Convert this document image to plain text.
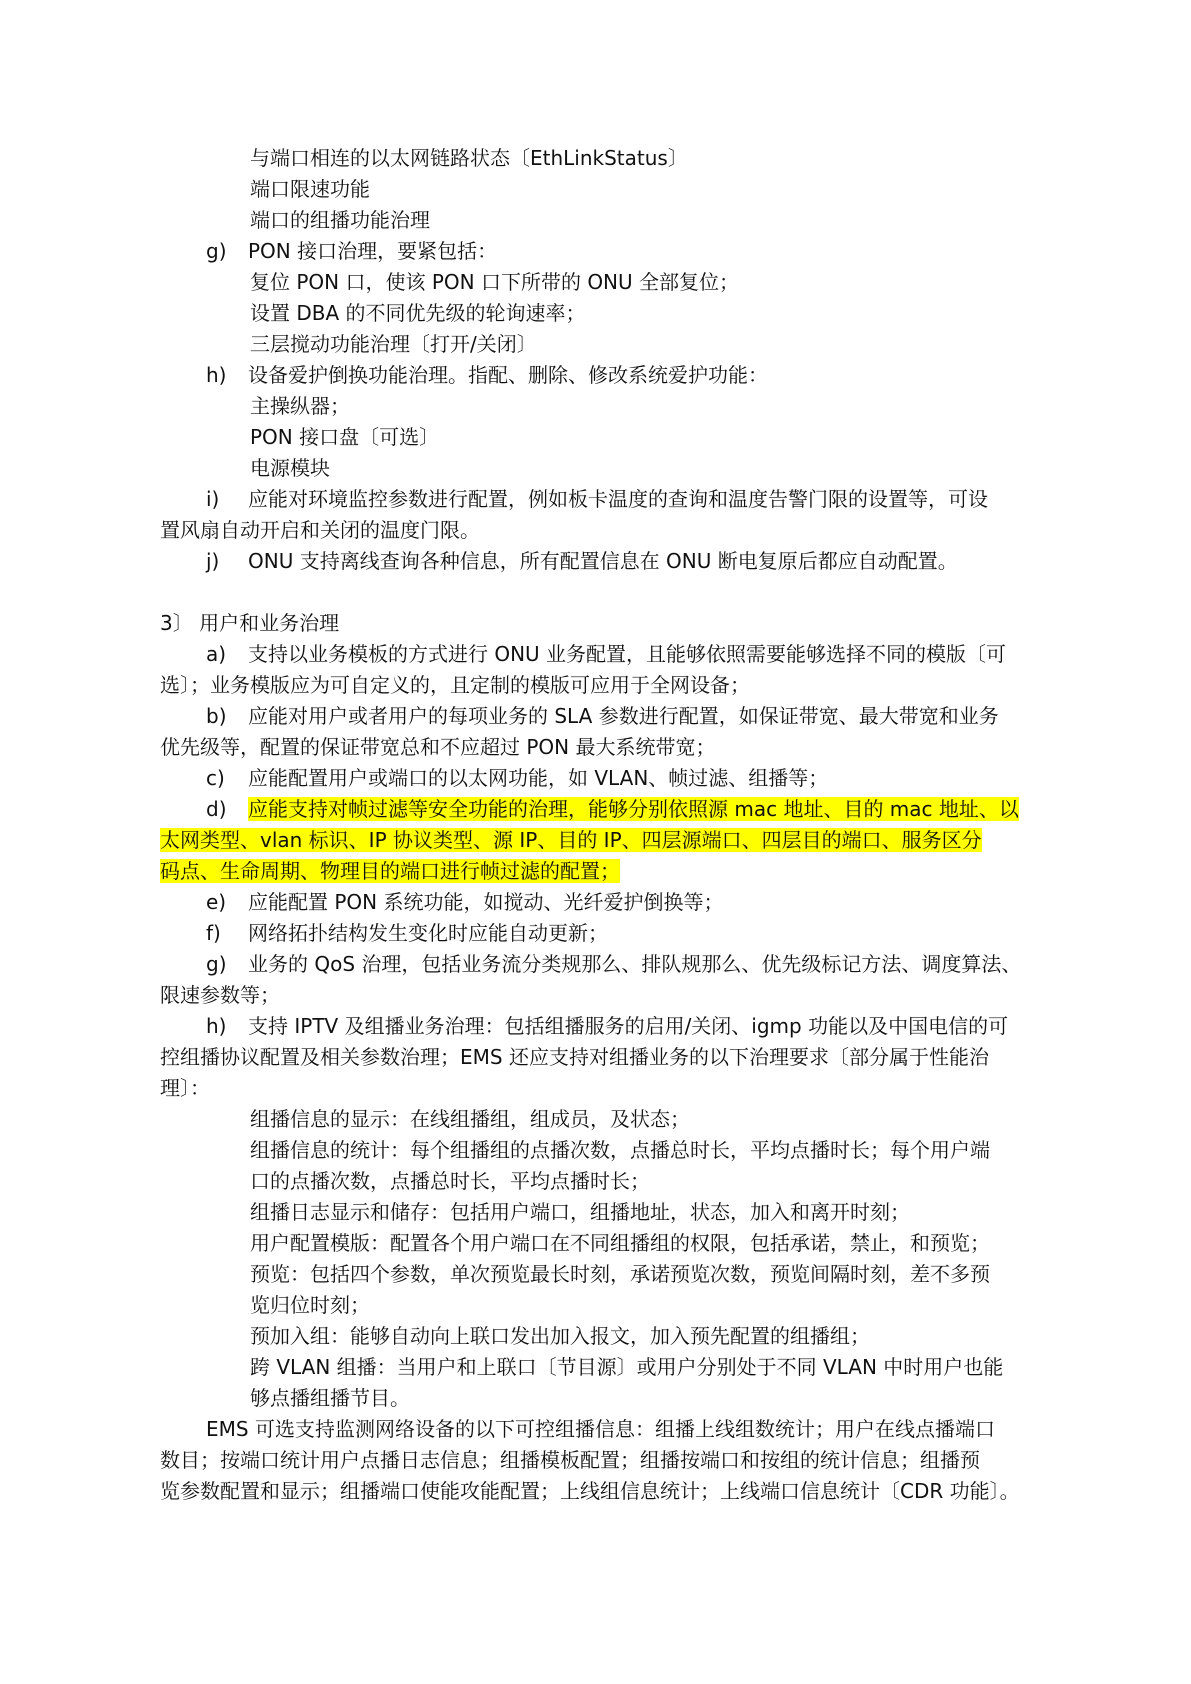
与端口相连的以太网链路状态〔EthLinkStatus〕

端口限速功能

端口的组播功能治理

g) PON 接口治理，要紧包括：

复位 PON 口，使该 PON 口下所带的 ONU 全部复位；

设置 DBA 的不同优先级的轮询速率；

三层搅动功能治理〔打开/关闭〕

h) 设备爱护倒换功能治理。指配、删除、修改系统爱护功能：

主操纵器；

PON 接口盘〔可选〕

电源模块

i) 应能对环境监控参数进行配置，例如板卡温度的查询和温度告警门限的设置等，可设

置风扇自动开启和关闭的温度门限。

j) ONU 支持离线查询各种信息，所有配置信息在 ONU 断电复原后都应自动配置。

3〕 用户和业务治理

a) 支持以业务模板的方式进行 ONU 业务配置，且能够依照需要能够选择不同的模版〔可

选〕；业务模版应为可自定义的，且定制的模版可应用于全网设备；

b) 应能对用户或者用户的每项业务的 SLA 参数进行配置，如保证带宽、最大带宽和业务

优先级等，配置的保证带宽总和不应超过 PON 最大系统带宽；

c) 应能配置用户或端口的以太网功能，如 VLAN、帧过滤、组播等；

d) 应能支持对帧过滤等安全功能的治理，能够分别依照源 mac 地址、目的 mac 地址、以

太网类型、vlan 标识、IP 协议类型、源 IP、目的 IP、四层源端口、四层目的端口、服务区分

码点、生命周期、物理目的端口进行帧过滤的配置；

e) 应能配置 PON 系统功能，如搅动、光纤爱护倒换等；

f) 网络拓扑结构发生变化时应能自动更新；

g) 业务的 QoS 治理，包括业务流分类规那么、排队规那么、优先级标记方法、调度算法、

限速参数等；

h) 支持 IPTV 及组播业务治理：包括组播服务的启用/关闭、igmp 功能以及中国电信的可

控组播协议配置及相关参数治理；EMS 还应支持对组播业务的以下治理要求〔部分属于性能治

理〕：

组播信息的显示：在线组播组，组成员，及状态；

组播信息的统计：每个组播组的点播次数，点播总时长，平均点播时长；每个用户端

口的点播次数，点播总时长，平均点播时长；

组播日志显示和储存：包括用户端口，组播地址，状态，加入和离开时刻；

用户配置模版：配置各个用户端口在不同组播组的权限，包括承诺，禁止，和预览；

预览：包括四个参数，单次预览最长时刻，承诺预览次数，预览间隔时刻，差不多预

览归位时刻；

预加入组：能够自动向上联口发出加入报文，加入预先配置的组播组；

跨 VLAN 组播：当用户和上联口〔节目源〕或用户分别处于不同 VLAN 中时用户也能

够点播组播节目。

EMS 可选支持监测网络设备的以下可控组播信息：组播上线组数统计；用户在线点播端口

数目；按端口统计用户点播日志信息；组播模板配置；组播按端口和按组的统计信息；组播预

览参数配置和显示；组播端口使能攻能配置；上线组信息统计；上线端口信息统计〔CDR 功能〕。
